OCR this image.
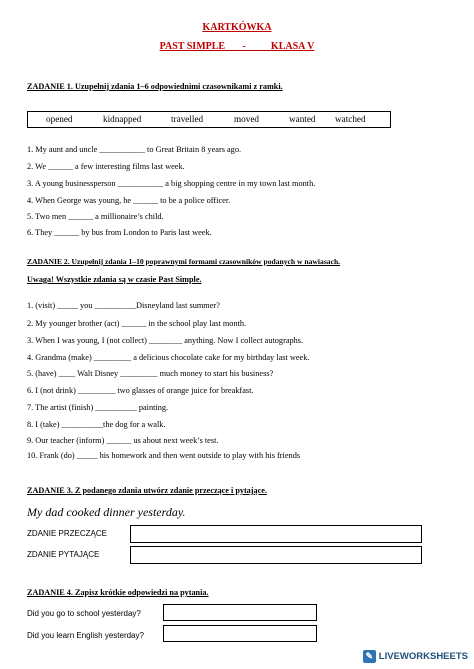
KARTKÓWKA
PAST SIMPLE       -          KLASA V
ZADANIE 1. Uzupełnij zdania 1–6 odpowiednimi czasownikami z ramki.
opened	kidnapped	travelled	moved	wanted watched
1. My aunt and uncle ___________ to Great Britain 8 years ago.
2. We ______ a few interesting films last week.
3. A young businessperson ___________ a big shopping centre in my town last month.
4. When George was young, he ______ to be a police officer.
5. Two men ______ a millionaire’s child.
6. They ______ by bus from London to Paris last week.
ZADANIE 2. Uzupełnij zdania 1–10 poprawnymi formami czasowników podanych w nawiasach.
Uwaga! Wszystkie zdania są w czasie Past Simple.
1. (visit) _____ you __________Disneyland last summer?
2. My younger brother (act) ______ in the school play last month.
3. When I was young, I (not collect) ________ anything. Now I collect autographs.
4. Grandma (make) _________ a delicious chocolate cake for my birthday last week.
5. (have) ____ Walt Disney _________ much money to start his business?
6. I (not drink) _________ two glasses of orange juice for breakfast.
7. The artist (finish) __________ painting.
8. I (take) __________the dog for a walk.
9. Our teacher (inform) ______ us about next week’s test.
10. Frank (do) _____ his homework and then went outside to play with his friends
ZADANIE 3. Z podanego zdania utwórz zdanie przeczące i pytające.
My dad cooked dinner yesterday.
ZDANIE PRZECZĄCE
ZDANIE PYTAJĄCE
ZADANIE 4. Zapisz krótkie odpowiedzi na pytania.
Did you go to school yesterday?
Did you learn English yesterday?
✎ LIVEWORKSHEETS
